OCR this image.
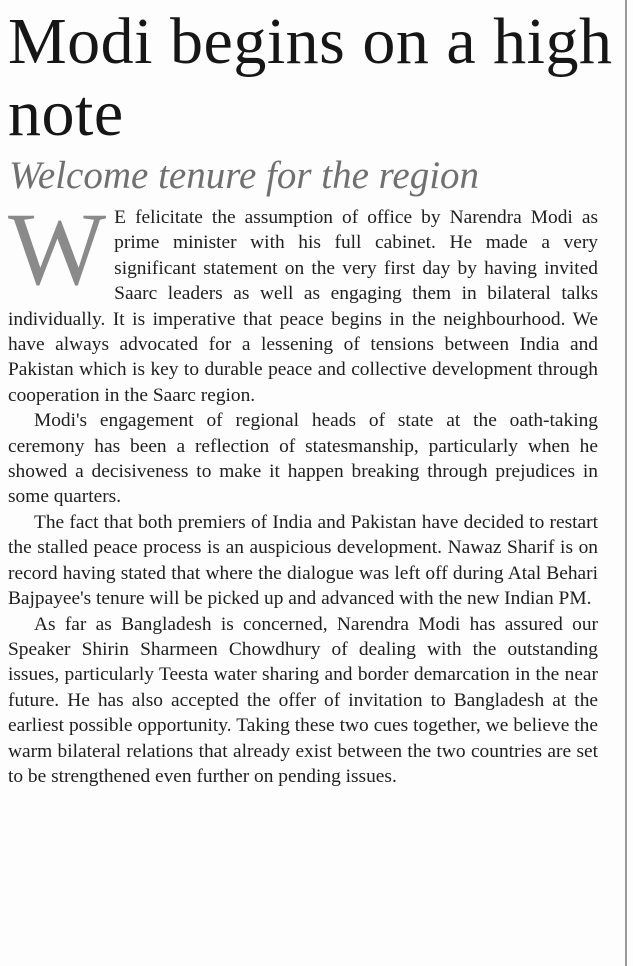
Modi begins on a high note
Welcome tenure for the region

W E felicitate the assumption of office by Narendra Modi as prime minister with his full cabinet. He made a very significant statement on the very first day by having invited Saarc leaders as well as engaging them in bilateral talks individually. It is imperative that peace begins in the neighbourhood. We have always advocated for a lessening of tensions between India and Pakistan which is key to durable peace and collective development through cooperation in the Saarc region.

Modi's engagement of regional heads of state at the oath-taking ceremony has been a reflection of statesmanship, particularly when he showed a decisiveness to make it happen breaking through prejudices in some quarters.

The fact that both premiers of India and Pakistan have decided to restart the stalled peace process is an auspicious development. Nawaz Sharif is on record having stated that where the dialogue was left off during Atal Behari Bajpayee's tenure will be picked up and advanced with the new Indian PM.

As far as Bangladesh is concerned, Narendra Modi has assured our Speaker Shirin Sharmeen Chowdhury of dealing with the outstanding issues, particularly Teesta water sharing and border demarcation in the near future. He has also accepted the offer of invitation to Bangladesh at the earliest possible opportunity. Taking these two cues together, we believe the warm bilateral relations that already exist between the two countries are set to be strengthened even further on pending issues.
